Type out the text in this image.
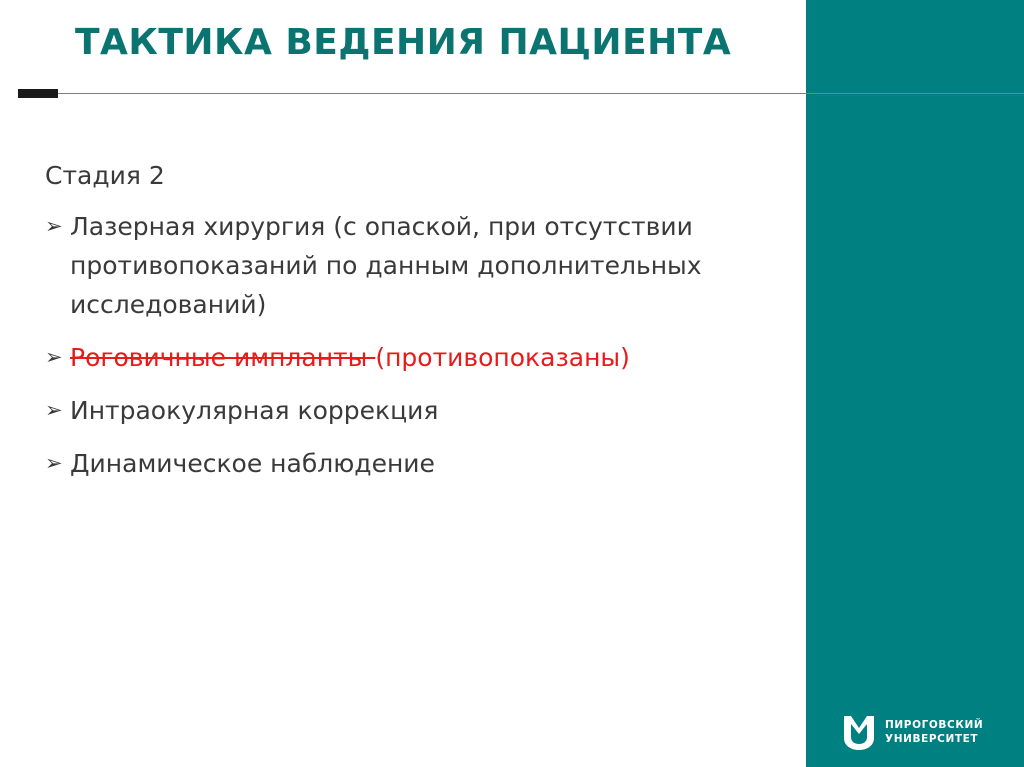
ТАКТИКА ВЕДЕНИЯ ПАЦИЕНТА
Стадия 2
➢ Лазерная хирургия (с опаской, при отсутствии противопоказаний по данным дополнительных исследований)
➢ Роговичные импланты (противопоказаны)
➢ Интраокулярная коррекция
➢ Динамическое наблюдение
ПИРОГОВСКИЙ
УНИВЕРСИТЕТ
